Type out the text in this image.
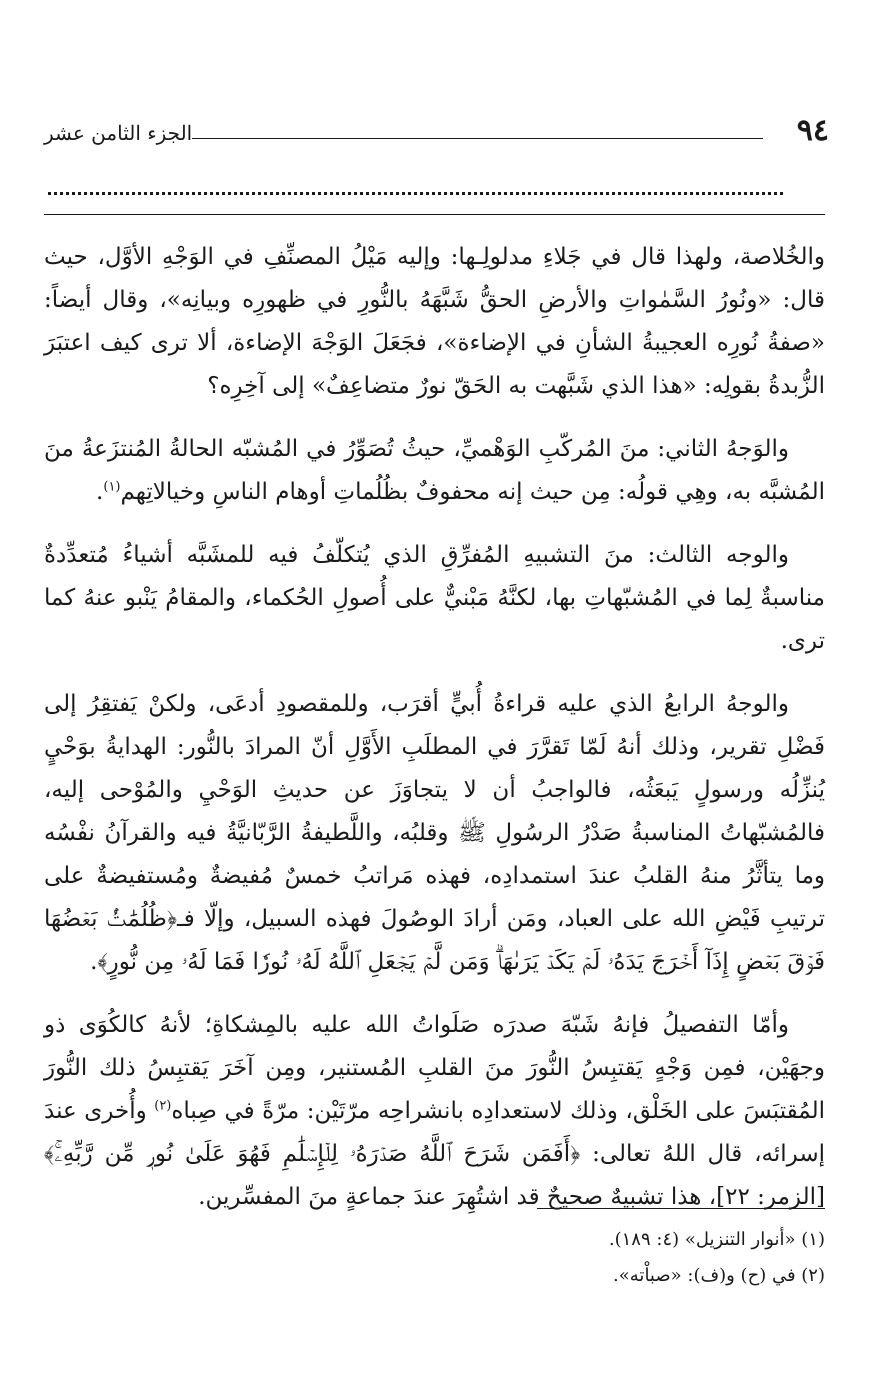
٩٤
الجزء الثامن عشر

والخُلاصة، ولهذا قال في جَلاءِ مدلولِـها: وإليه مَيْلُ المصنِّفِ في الوَجْهِ الأوَّل، حيث قال: «ونُورُ السَّمٰواتِ والأرضِ الحقُّ شَبَّهَهُ بالنُّورِ في ظهورِه وبيانِه»، وقال أيضاً: «صفةُ نُورِه العجيبةُ الشأنِ في الإضاءة»، فجَعَلَ الوَجْهَ الإضاءة، ألا ترى كيف اعتبَرَ الزُّبدةُ بقولِه: «هذا الذي شَبَّهت به الحَقّ نورٌ متضاعِفٌ» إلى آخِرِه؟

والوَجهُ الثاني: منَ المُركّبِ الوَهْميِّ، حيثُ تُصَوِّرُ في المُشبّه الحالةُ المُنتزَعةُ منَ المُشبَّه به، وهِي قولُه: مِن حيث إنه محفوفٌ بظُلُماتِ أوهام الناسِ وخيالاتِهم$^{(١)}$.

والوجه الثالث: منَ التشبيهِ المُفرِّقِ الذي يُتكلّفُ فيه للمشَبَّه أشياءُ مُتعدِّدةٌ مناسبةٌ لِما في المُشبّهاتِ بها، لكنَّهُ مَبْنيٌّ على أُصولِ الحُكماء، والمقامُ يَنْبو عنهُ كما ترى.

والوجهُ الرابعُ الذي عليه قراءةُ أُبيٍّ أقرَب، وللمقصودِ أدعَى، ولكنْ يَفتقِرُ إلى فَضْلِ تقرير، وذلك أنهُ لَمّا تَقرَّرَ في المطلَبِ الأَوَّلِ أنّ المرادَ بالنُّور: الهدايةُ بوَحْيٍ يُنزِّلُه ورسولٍ يَبعَثُه، فالواجبُ أن لا يتجاوَزَ عن حديثِ الوَحْيِ والمُوْحى إليه، فالمُشبّهاتُ المناسبةُ صَدْرُ الرسُولِ ﷺ وقلبُه، واللَّطيفةُ الرَّبّانيَّةُ فيه والقرآنُ نفْسُه وما يتأثَّرُ منهُ القلبُ عندَ استمدادِه، فهذه مَراتبُ خمسٌ مُفيضةٌ ومُستفيضةٌ على ترتيبِ فَيْضِ الله على العباد، ومَن أرادَ الوصُولَ فهذه السبيل، وإلّا فـ﴿ظُلُمَٰتُۢ بَعۡضُهَا فَوۡقَ بَعۡضٍ إِذَآ أَخۡرَجَ يَدَهُۥ لَمۡ يَكَدۡ يَرَىٰهَاۗ وَمَن لَّمۡ يَجۡعَلِ ٱللَّهُ لَهُۥ نُورٗا فَمَا لَهُۥ مِن نُّورٍ﴾.

وأمّا التفصيلُ فإنهُ شَبّهَ صدرَه صَلَواتُ الله عليه بالمِشكاةِ؛ لأنهُ كالكُوَى ذو وجهَيْن، فمِن وَجْهٍ يَقتبِسُ النُّورَ منَ القلبِ المُستنير، ومِن آخَرَ يَقتبِسُ ذلك النُّورَ المُقتبَسَ على الخَلْق، وذلك لاستعدادِه بانشراحِه مرّتَيْن: مرّةً في صِباه$^{(٢)}$ وأُخرى عندَ إسرائه، قال اللهُ تعالى: ﴿أَفَمَن شَرَحَ ٱللَّهُ صَدۡرَهُۥ لِلۡإِسۡلَٰمِ فَهُوَ عَلَىٰ نُورٖ مِّن رَّبِّهِۦۚ﴾ [الزمر: ٢٢]، هذا تشبيهٌ صحيحٌ قد اشتُهِرَ عندَ جماعةٍ منَ المفسِّرين.

(١) «أنوار التنزيل» (٤: ١٨٩).

(٢) في (ح) و(ف): «صباْته».
